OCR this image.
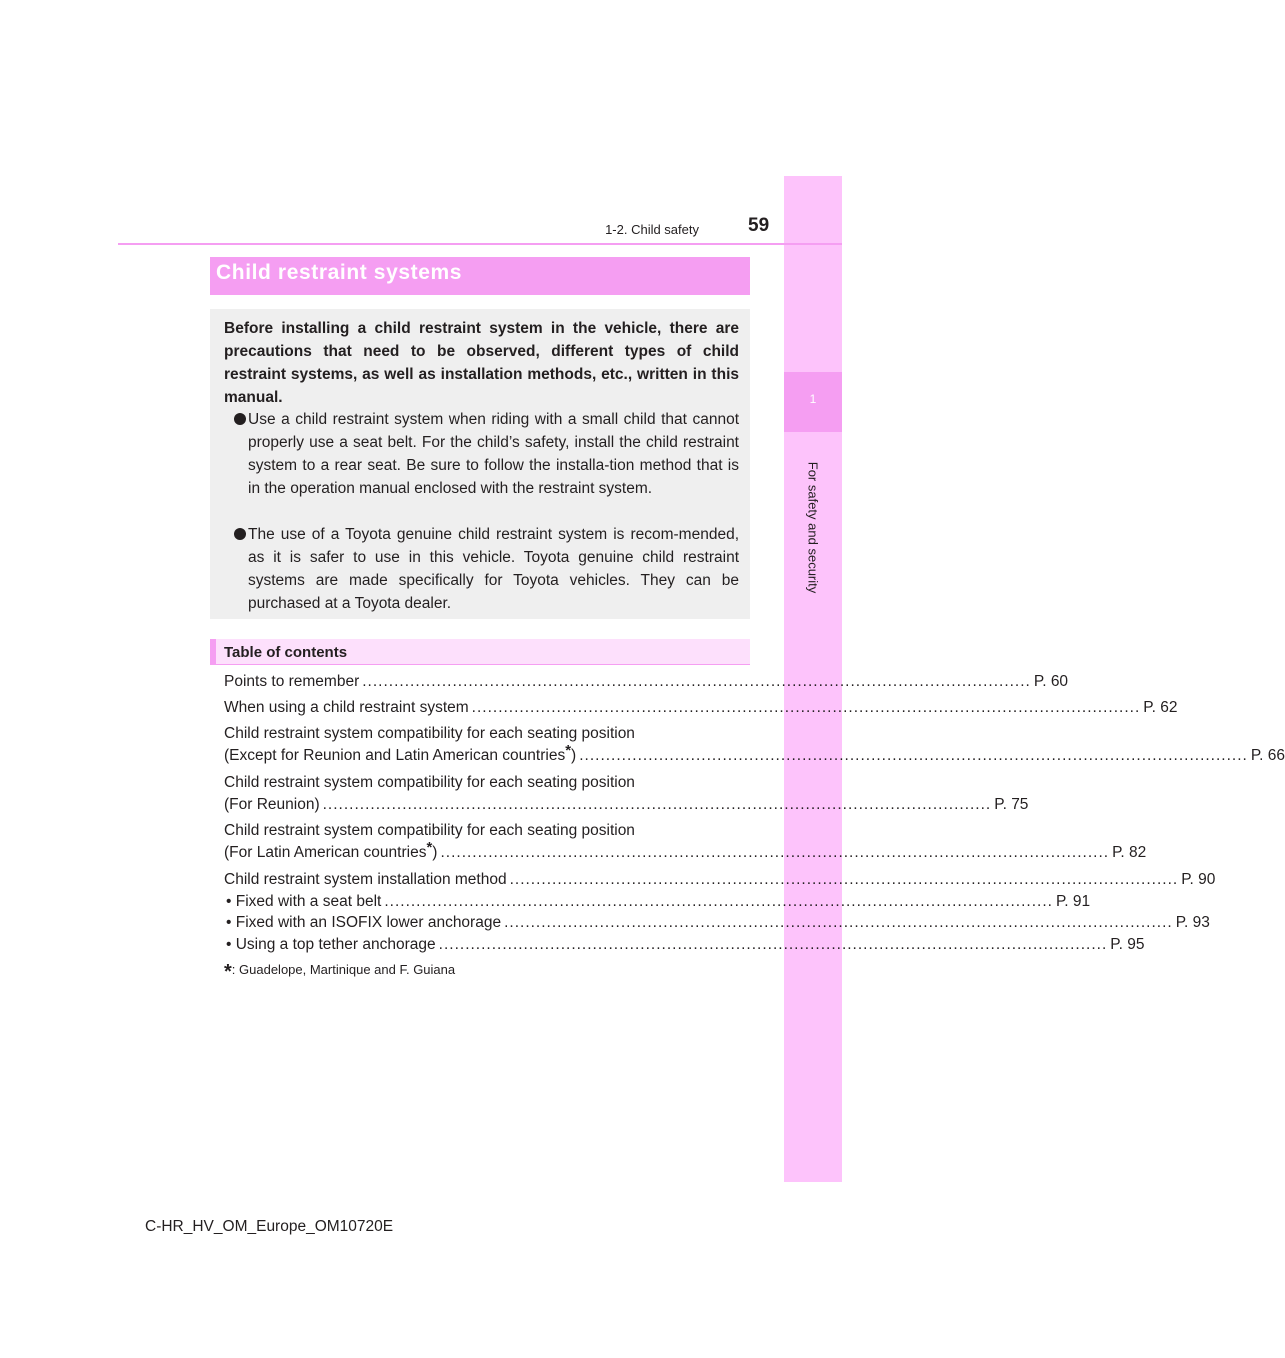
1
For safety and security
1-2. Child safety	59
Child restraint systems
Before installing a child restraint system in the vehicle, there are precautions that need to be observed, different types of child restraint systems, as well as installation methods, etc., written in this manual.
Use a child restraint system when riding with a small child that cannot properly use a seat belt. For the child’s safety, install the child restraint system to a rear seat. Be sure to follow the installa-tion method that is in the operation manual enclosed with the restraint system.
The use of a Toyota genuine child restraint system is recom-mended, as it is safer to use in this vehicle. Toyota genuine child restraint systems are made specifically for Toyota vehicles. They can be purchased at a Toyota dealer.
Table of contents
Points to remember .............................................................................................................................. P. 60
When using a child restraint system .............................................................................................................................. P. 62
Child restraint system compatibility for each seating position
(Except for Reunion and Latin American countries*) .............................................................................................................................. P. 66
Child restraint system compatibility for each seating position
(For Reunion) .............................................................................................................................. P. 75
Child restraint system compatibility for each seating position
(For Latin American countries*) .............................................................................................................................. P. 82
Child restraint system installation method .............................................................................................................................. P. 90
• Fixed with a seat belt .............................................................................................................................. P. 91
• Fixed with an ISOFIX lower anchorage .............................................................................................................................. P. 93
• Using a top tether anchorage .............................................................................................................................. P. 95
*: Guadelope, Martinique and F. Guiana
C-HR_HV_OM_Europe_OM10720E
